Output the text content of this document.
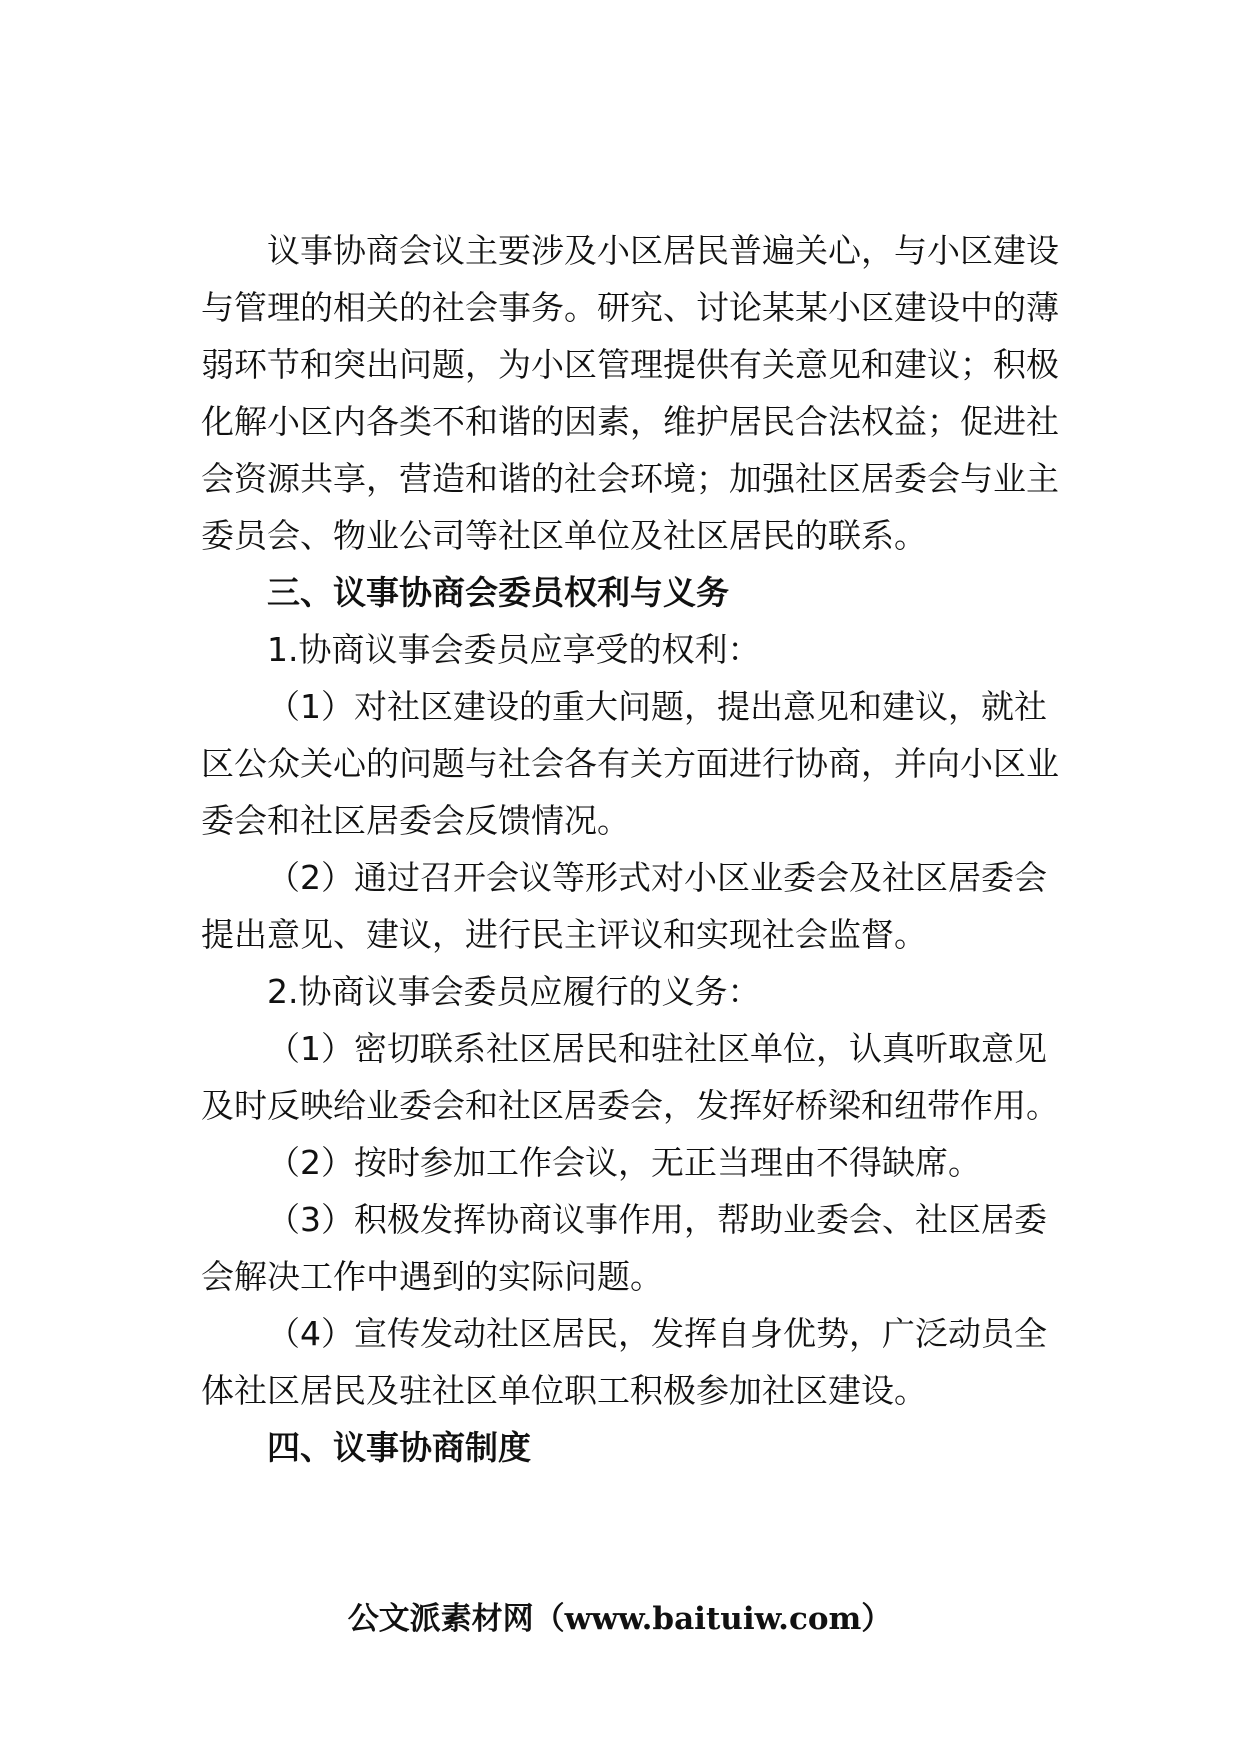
议事协商会议主要涉及小区居民普遍关心，与小区建设
与管理的相关的社会事务。研究、讨论某某小区建设中的薄
弱环节和突出问题，为小区管理提供有关意见和建议；积极
化解小区内各类不和谐的因素，维护居民合法权益；促进社
会资源共享，营造和谐的社会环境；加强社区居委会与业主
委员会、物业公司等社区单位及社区居民的联系。
三、议事协商会委员权利与义务
1.协商议事会委员应享受的权利：
（1）对社区建设的重大问题，提出意见和建议，就社
区公众关心的问题与社会各有关方面进行协商，并向小区业
委会和社区居委会反馈情况。
（2）通过召开会议等形式对小区业委会及社区居委会
提出意见、建议，进行民主评议和实现社会监督。
2.协商议事会委员应履行的义务：
（1）密切联系社区居民和驻社区单位，认真听取意见
及时反映给业委会和社区居委会，发挥好桥梁和纽带作用。
（2）按时参加工作会议，无正当理由不得缺席。
（3）积极发挥协商议事作用，帮助业委会、社区居委
会解决工作中遇到的实际问题。
（4）宣传发动社区居民，发挥自身优势，广泛动员全
体社区居民及驻社区单位职工积极参加社区建设。
四、议事协商制度
公文派素材网（www.baituiw.com）
